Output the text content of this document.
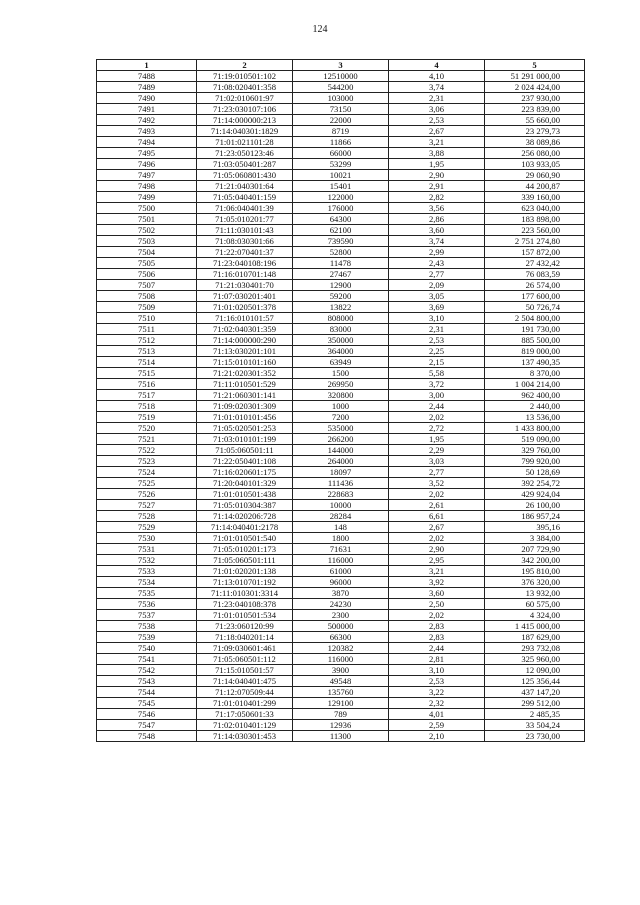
124
1	2	3	4	5
7488	71:19:010501:102	12510000	4,10	51 291 000,00
7489	71:08:020401:358	544200	3,74	2 024 424,00
7490	71:02:010601:97	103000	2,31	237 930,00
7491	71:23:030107:106	73150	3,06	223 839,00
7492	71:14:000000:213	22000	2,53	55 660,00
7493	71:14:040301:1829	8719	2,67	23 279,73
7494	71:01:021101:28	11866	3,21	38 089,86
7495	71:23:050123:46	66000	3,88	256 080,00
7496	71:03:050401:287	53299	1,95	103 933,05
7497	71:05:060801:430	10021	2,90	29 060,90
7498	71:21:040301:64	15401	2,91	44 200,87
7499	71:05:040401:159	122000	2,82	339 160,00
7500	71:06:040401:39	176000	3,56	623 040,00
7501	71:05:010201:77	64300	2,86	183 898,00
7502	71:11:030101:43	62100	3,60	223 560,00
7503	71:08:030301:66	739590	3,74	2 751 274,80
7504	71:22:070401:37	52800	2,99	157 872,00
7505	71:23:040108:196	11478	2,43	27 432,42
7506	71:16:010701:148	27467	2,77	76 083,59
7507	71:21:030401:70	12900	2,09	26 574,00
7508	71:07:030201:401	59200	3,05	177 600,00
7509	71:01:020501:378	13822	3,69	50 726,74
7510	71:16:010101:57	808000	3,10	2 504 800,00
7511	71:02:040301:359	83000	2,31	191 730,00
7512	71:14:000000:290	350000	2,53	885 500,00
7513	71:13:030201:101	364000	2,25	819 000,00
7514	71:15:010101:160	63949	2,15	137 490,35
7515	71:21:020301:352	1500	5,58	8 370,00
7516	71:11:010501:529	269950	3,72	1 004 214,00
7517	71:21:060301:141	320800	3,00	962 400,00
7518	71:09:020301:309	1000	2,44	2 440,00
7519	71:01:010101:456	7200	2,02	13 536,00
7520	71:05:020501:253	535000	2,72	1 433 800,00
7521	71:03:010101:199	266200	1,95	519 090,00
7522	71:05:060501:11	144000	2,29	329 760,00
7523	71:22:050401:108	264000	3,03	799 920,00
7524	71:16:020601:175	18097	2,77	50 128,69
7525	71:20:040101:329	111436	3,52	392 254,72
7526	71:01:010501:438	228683	2,02	429 924,04
7527	71:05:010304:387	10000	2,61	26 100,00
7528	71:14:020206:728	28284	6,61	186 957,24
7529	71:14:040401:2178	148	2,67	395,16
7530	71:01:010501:540	1800	2,02	3 384,00
7531	71:05:010201:173	71631	2,90	207 729,90
7532	71:05:060501:111	116000	2,95	342 200,00
7533	71:01:020201:138	61000	3,21	195 810,00
7534	71:13:010701:192	96000	3,92	376 320,00
7535	71:11:010301:3314	3870	3,60	13 932,00
7536	71:23:040108:378	24230	2,50	60 575,00
7537	71:01:010501:534	2300	2,02	4 324,00
7538	71:23:060120:99	500000	2,83	1 415 000,00
7539	71:18:040201:14	66300	2,83	187 629,00
7540	71:09:030601:461	120382	2,44	293 732,08
7541	71:05:060501:112	116000	2,81	325 960,00
7542	71:15:010501:57	3900	3,10	12 090,00
7543	71:14:040401:475	49548	2,53	125 356,44
7544	71:12:070509:44	135760	3,22	437 147,20
7545	71:01:010401:299	129100	2,32	299 512,00
7546	71:17:050601:33	789	4,01	2 485,35
7547	71:02:010401:129	12936	2,59	33 504,24
7548	71:14:030301:453	11300	2,10	23 730,00
